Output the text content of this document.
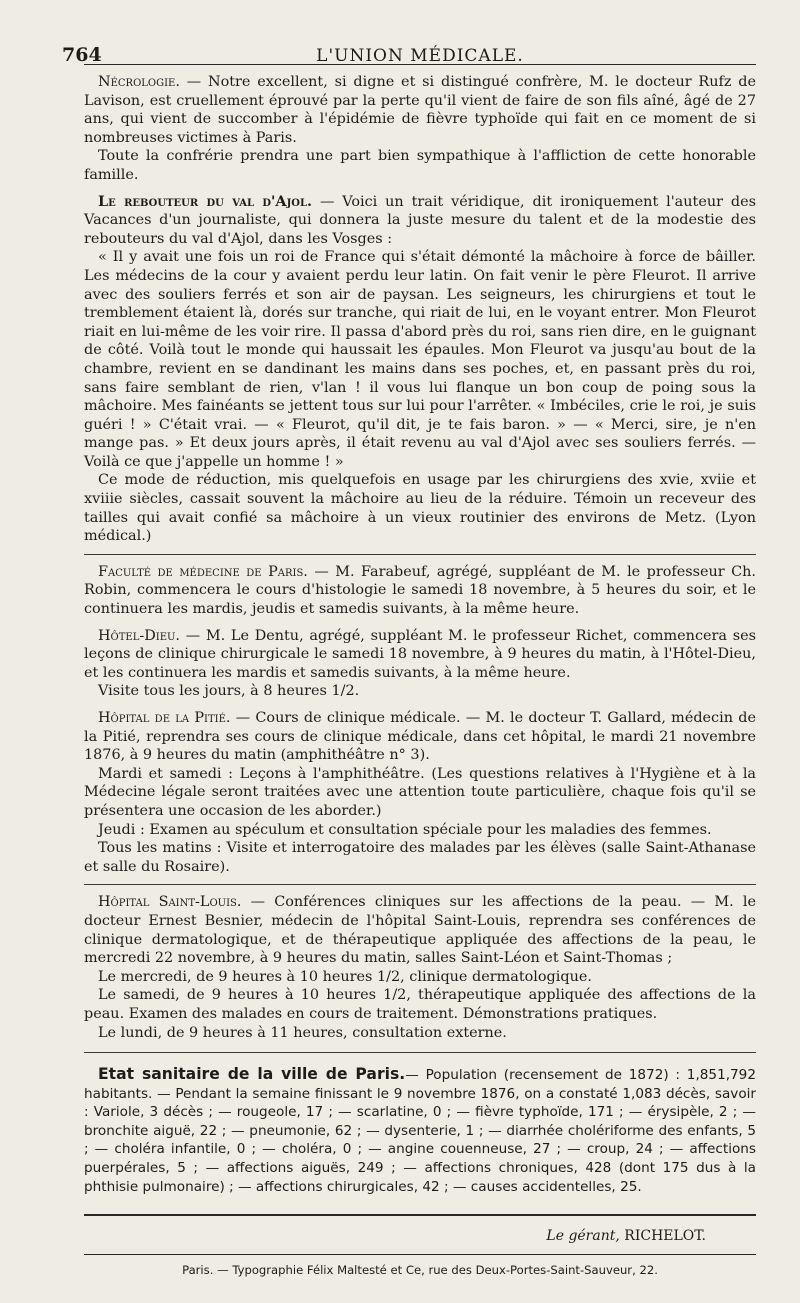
764	L'UNION MÉDICALE.

Nécrologie. — Notre excellent, si digne et si distingué confrère, M. le docteur Rufz de Lavison, est cruellement éprouvé par la perte qu'il vient de faire de son fils aîné, âgé de 27 ans, qui vient de succomber à l'épidémie de fièvre typhoïde qui fait en ce moment de si nombreuses victimes à Paris.

Toute la confrérie prendra une part bien sympathique à l'affliction de cette honorable famille.

Le rebouteur du val d'Ajol. — Voici un trait véridique, dit ironiquement l'auteur des Vacances d'un journaliste, qui donnera la juste mesure du talent et de la modestie des rebouteurs du val d'Ajol, dans les Vosges :

« Il y avait une fois un roi de France qui s'était démonté la mâchoire à force de bâiller. Les médecins de la cour y avaient perdu leur latin. On fait venir le père Fleurot. Il arrive avec des souliers ferrés et son air de paysan. Les seigneurs, les chirurgiens et tout le tremblement étaient là, dorés sur tranche, qui riait de lui, en le voyant entrer. Mon Fleurot riait en lui-même de les voir rire. Il passa d'abord près du roi, sans rien dire, en le guignant de côté. Voilà tout le monde qui haussait les épaules. Mon Fleurot va jusqu'au bout de la chambre, revient en se dandinant les mains dans ses poches, et, en passant près du roi, sans faire semblant de rien, v'lan ! il vous lui flanque un bon coup de poing sous la mâchoire. Mes fainéants se jettent tous sur lui pour l'arrêter. « Imbéciles, crie le roi, je suis guéri ! » C'était vrai. — « Fleurot, qu'il dit, je te fais baron. » — « Merci, sire, je n'en mange pas. » Et deux jours après, il était revenu au val d'Ajol avec ses souliers ferrés. — Voilà ce que j'appelle un homme ! »

Ce mode de réduction, mis quelquefois en usage par les chirurgiens des xvie, xviie et xviiie siècles, cassait souvent la mâchoire au lieu de la réduire. Témoin un receveur des tailles qui avait confié sa mâchoire à un vieux routinier des environs de Metz. (Lyon médical.)

Faculté de médecine de Paris. — M. Farabeuf, agrégé, suppléant de M. le professeur Ch. Robin, commencera le cours d'histologie le samedi 18 novembre, à 5 heures du soir, et le continuera les mardis, jeudis et samedis suivants, à la même heure.

Hôtel-Dieu. — M. Le Dentu, agrégé, suppléant M. le professeur Richet, commencera ses leçons de clinique chirurgicale le samedi 18 novembre, à 9 heures du matin, à l'Hôtel-Dieu, et les continuera les mardis et samedis suivants, à la même heure.

Visite tous les jours, à 8 heures 1/2.

Hôpital de la Pitié. — Cours de clinique médicale. — M. le docteur T. Gallard, médecin de la Pitié, reprendra ses cours de clinique médicale, dans cet hôpital, le mardi 21 novembre 1876, à 9 heures du matin (amphithéâtre n° 3).

Mardi et samedi : Leçons à l'amphithéâtre. (Les questions relatives à l'Hygiène et à la Médecine légale seront traitées avec une attention toute particulière, chaque fois qu'il se présentera une occasion de les aborder.)

Jeudi : Examen au spéculum et consultation spéciale pour les maladies des femmes.

Tous les matins : Visite et interrogatoire des malades par les élèves (salle Saint-Athanase et salle du Rosaire).

Hôpital Saint-Louis. — Conférences cliniques sur les affections de la peau. — M. le docteur Ernest Besnier, médecin de l'hôpital Saint-Louis, reprendra ses conférences de clinique dermatologique, et de thérapeutique appliquée des affections de la peau, le mercredi 22 novembre, à 9 heures du matin, salles Saint-Léon et Saint-Thomas ;

Le mercredi, de 9 heures à 10 heures 1/2, clinique dermatologique.

Le samedi, de 9 heures à 10 heures 1/2, thérapeutique appliquée des affections de la peau. Examen des malades en cours de traitement. Démonstrations pratiques.

Le lundi, de 9 heures à 11 heures, consultation externe.

Etat sanitaire de la ville de Paris.— Population (recensement de 1872) : 1,851,792 habitants. — Pendant la semaine finissant le 9 novembre 1876, on a constaté 1,083 décès, savoir : Variole, 3 décès ; — rougeole, 17 ; — scarlatine, 0 ; — fièvre typhoïde, 171 ; — érysipèle, 2 ; — bronchite aiguë, 22 ; — pneumonie, 62 ; — dysenterie, 1 ; — diarrhée cholériforme des enfants, 5 ; — choléra infantile, 0 ; — choléra, 0 ; — angine couenneuse, 27 ; — croup, 24 ; — affections puerpérales, 5 ; — affections aiguës, 249 ; — affections chroniques, 428 (dont 175 dus à la phthisie pulmonaire) ; — affections chirurgicales, 42 ; — causes accidentelles, 25.

Le gérant, RICHELOT.
Paris. — Typographie Félix Maltesté et Ce, rue des Deux-Portes-Saint-Sauveur, 22.
